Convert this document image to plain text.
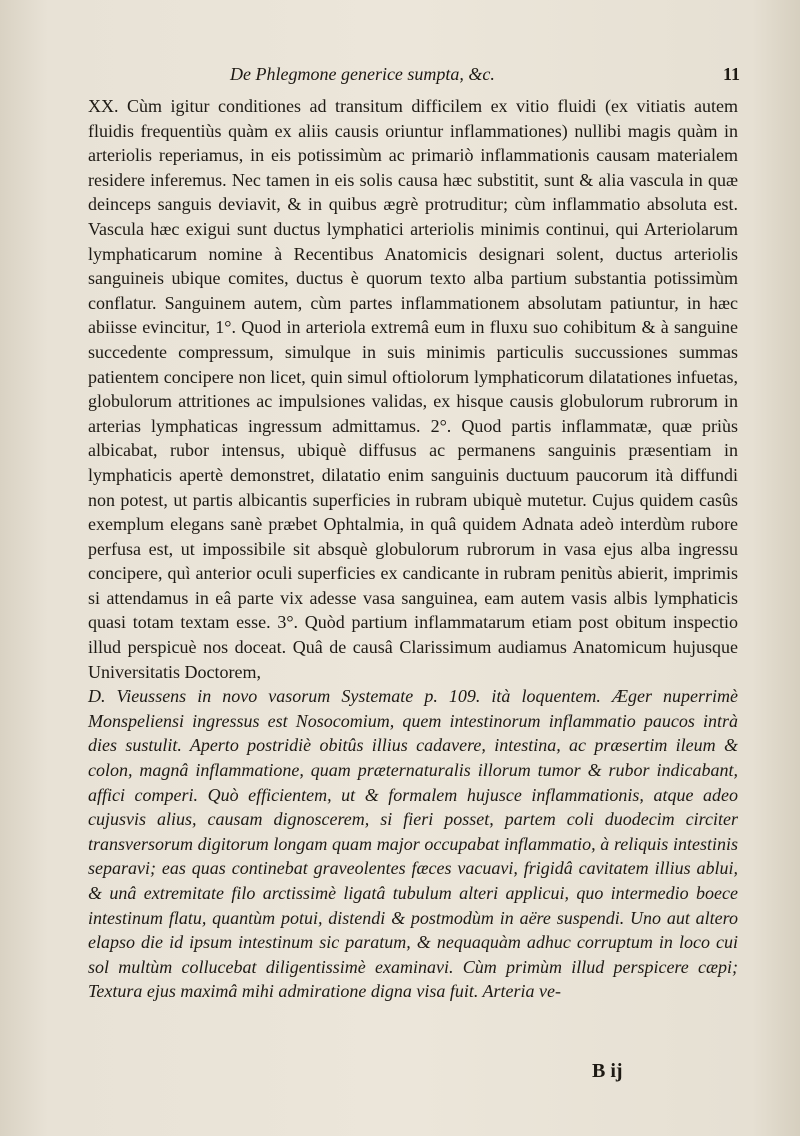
De Phlegmone generice sumpta, &c.	11

XX. Cùm igitur conditiones ad transitum difficilem ex vitio fluidi (ex vitiatis autem fluidis frequentiùs quàm ex aliis causis oriuntur inflammationes) nullibi magis quàm in arteriolis reperiamus, in eis potissimùm ac primariò inflammationis causam materialem residere inferemus. Nec tamen in eis solis causa hæc substitit, sunt & alia vascula in quæ deinceps sanguis deviavit, & in quibus ægrè protruditur; cùm inflammatio absoluta est. Vascula hæc exigui sunt ductus lymphatici arteriolis minimis continui, qui Arteriolarum lymphaticarum nomine à Recentibus Anatomicis designari solent, ductus arteriolis sanguineis ubique comites, ductus è quorum texto alba partium substantia potissimùm conflatur. Sanguinem autem, cùm partes inflammationem absolutam patiuntur, in hæc abiisse evincitur, 1°. Quod in arteriola extremâ eum in fluxu suo cohibitum & à sanguine succedente compressum, simulque in suis minimis particulis succussiones summas patientem concipere non licet, quin simul oftiolorum lymphaticorum dilatationes infuetas, globulorum attritiones ac impulsiones validas, ex hisque causis globulorum rubrorum in arterias lymphaticas ingressum admittamus. 2°. Quod partis inflammatæ, quæ priùs albicabat, rubor intensus, ubiquè diffusus ac permanens sanguinis præsentiam in lymphaticis apertè demonstret, dilatatio enim sanguinis ductuum paucorum ità diffundi non potest, ut partis albicantis superficies in rubram ubiquè mutetur. Cujus quidem casûs exemplum elegans sanè præbet Ophtalmia, in quâ quidem Adnata adeò interdùm rubore perfusa est, ut impossibile sit absquè globulorum rubrorum in vasa ejus alba ingressu concipere, quì anterior oculi superficies ex candicante in rubram penitùs abierit, imprimis si attendamus in eâ parte vix adesse vasa sanguinea, eam autem vasis albis lymphaticis quasi totam textam esse. 3°. Quòd partium inflammatarum etiam post obitum inspectio illud perspicuè nos doceat. Quâ de causâ Clarissimum audiamus Anatomicum hujusque Universitatis Doctorem,

D. Vieussens in novo vasorum Systemate p. 109. ità loquentem. Æger nuperrimè Monspeliensi ingressus est Nosocomium, quem intestinorum inflammatio paucos intrà dies sustulit. Aperto postridiè obitûs illius cadavere, intestina, ac præsertim ileum & colon, magnâ inflammatione, quam præternaturalis illorum tumor & rubor indicabant, affici comperi. Quò efficientem, ut & formalem hujusce inflammationis, atque adeo cujusvis alius, causam dignoscerem, si fieri posset, partem coli duodecim circiter transversorum digitorum longam quam major occupabat inflammatio, à reliquis intestinis separavi; eas quas continebat graveolentes fæces vacuavi, frigidâ cavitatem illius ablui, & unâ extremitate filo arctissimè ligatâ tubulum alteri applicui, quo intermedio boece intestinum flatu, quantùm potui, distendi & postmodùm in aëre suspendi. Uno aut altero elapso die id ipsum intestinum sic paratum, & nequaquàm adhuc corruptum in loco cui sol multùm collucebat diligentissimè examinavi. Cùm primùm illud perspicere cæpi; Textura ejus maximâ mihi admiratione digna visa fuit. Arteria ve-

B ij
